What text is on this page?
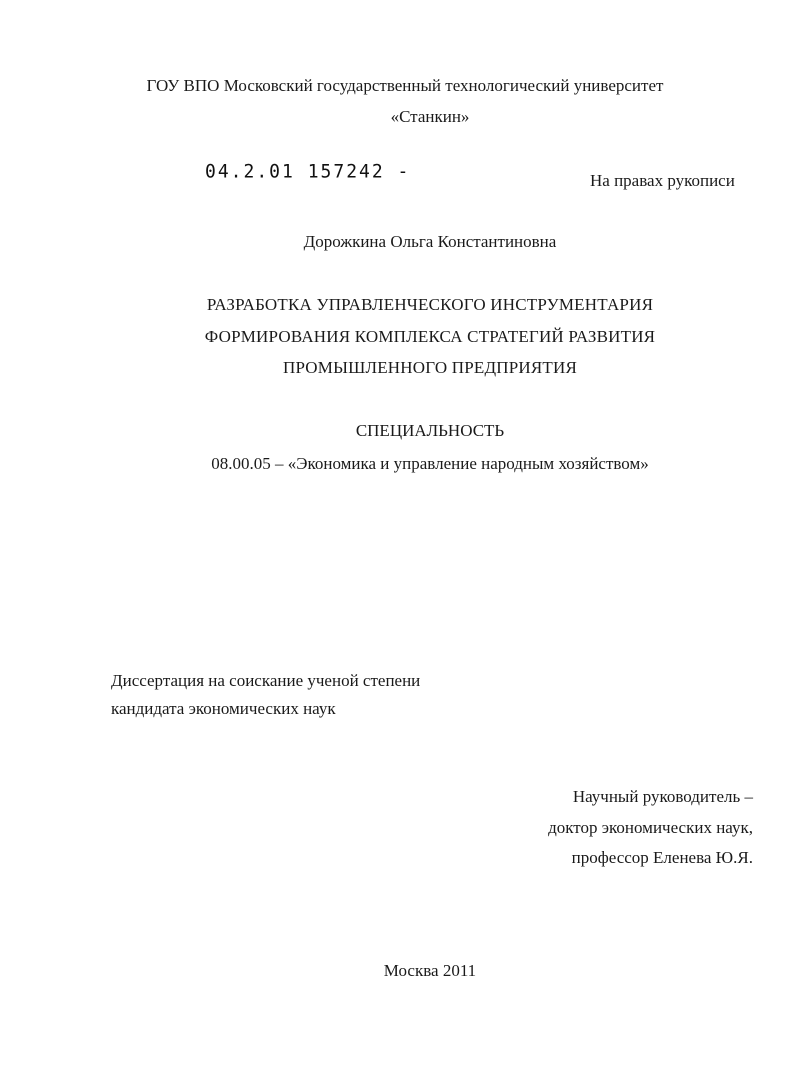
ГОУ ВПО Московский государственный технологический университет
«Станкин»
04.2.01 157242 -	На правах рукописи
Дорожкина Ольга Константиновна
РАЗРАБОТКА УПРАВЛЕНЧЕСКОГО ИНСТРУМЕНТАРИЯ
ФОРМИРОВАНИЯ КОМПЛЕКСА СТРАТЕГИЙ РАЗВИТИЯ
ПРОМЫШЛЕННОГО ПРЕДПРИЯТИЯ
СПЕЦИАЛЬНОСТЬ
08.00.05 – «Экономика и управление народным хозяйством»
Диссертация на соискание ученой степени
кандидата экономических наук
Научный руководитель –
доктор экономических наук,
профессор Еленева Ю.Я.
Москва 2011
